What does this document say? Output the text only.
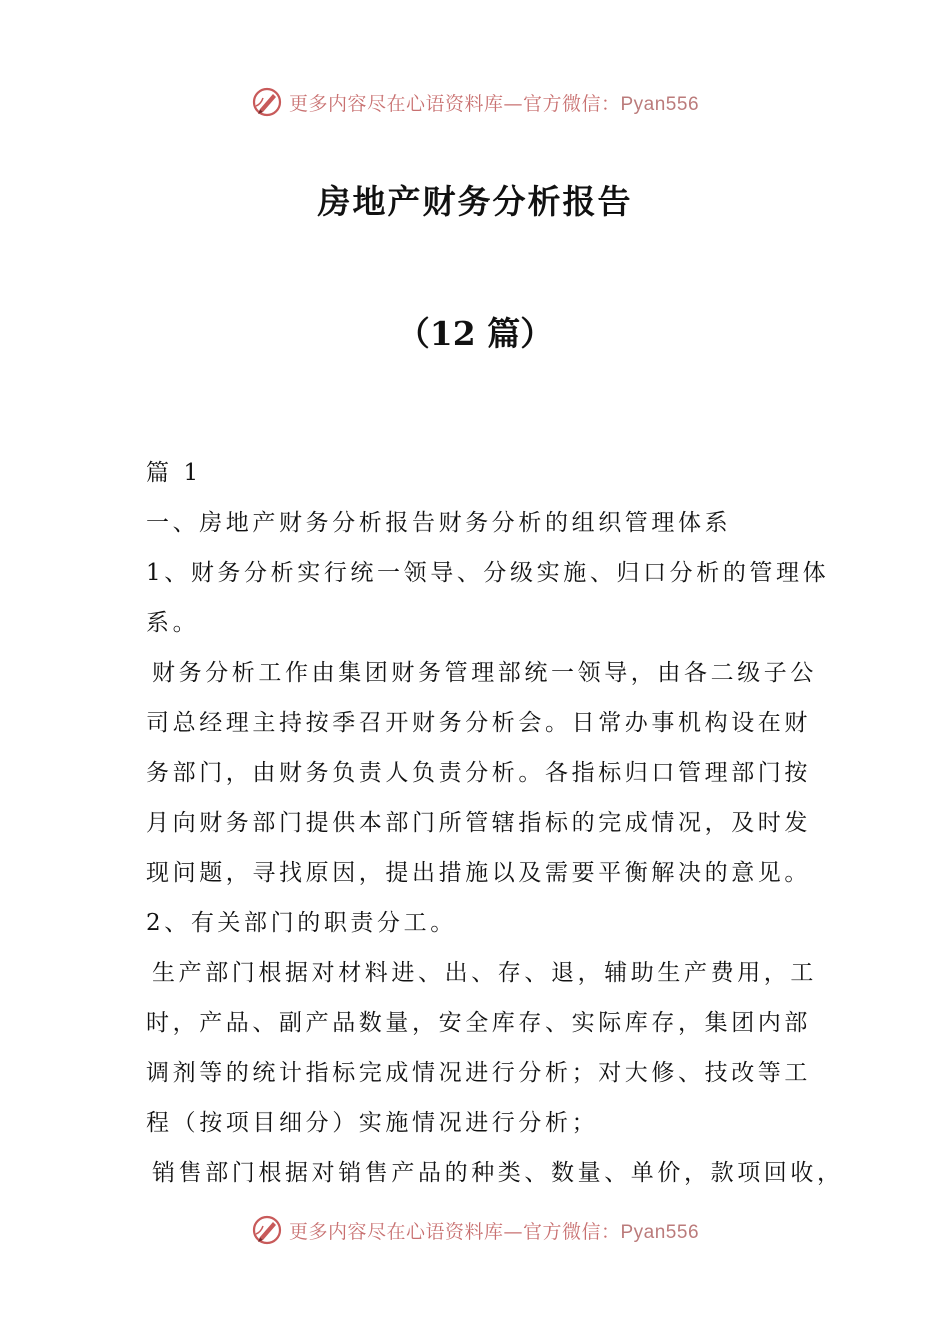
更多内容尽在心语资料库—官方微信：Pyan556
房地产财务分析报告
（12 篇）

篇 1

一、房地产财务分析报告财务分析的组织管理体系

1、财务分析实行统一领导、分级实施、归口分析的管理体

系。

财务分析工作由集团财务管理部统一领导，由各二级子公

司总经理主持按季召开财务分析会。日常办事机构设在财

务部门，由财务负责人负责分析。各指标归口管理部门按

月向财务部门提供本部门所管辖指标的完成情况，及时发

现问题，寻找原因，提出措施以及需要平衡解决的意见。

2、有关部门的职责分工。

生产部门根据对材料进、出、存、退，辅助生产费用，工

时，产品、副产品数量，安全库存、实际库存，集团内部

调剂等的统计指标完成情况进行分析；对大修、技改等工

程（按项目细分）实施情况进行分析；

销售部门根据对销售产品的种类、数量、单价，款项回收，

更多内容尽在心语资料库—官方微信：Pyan556
